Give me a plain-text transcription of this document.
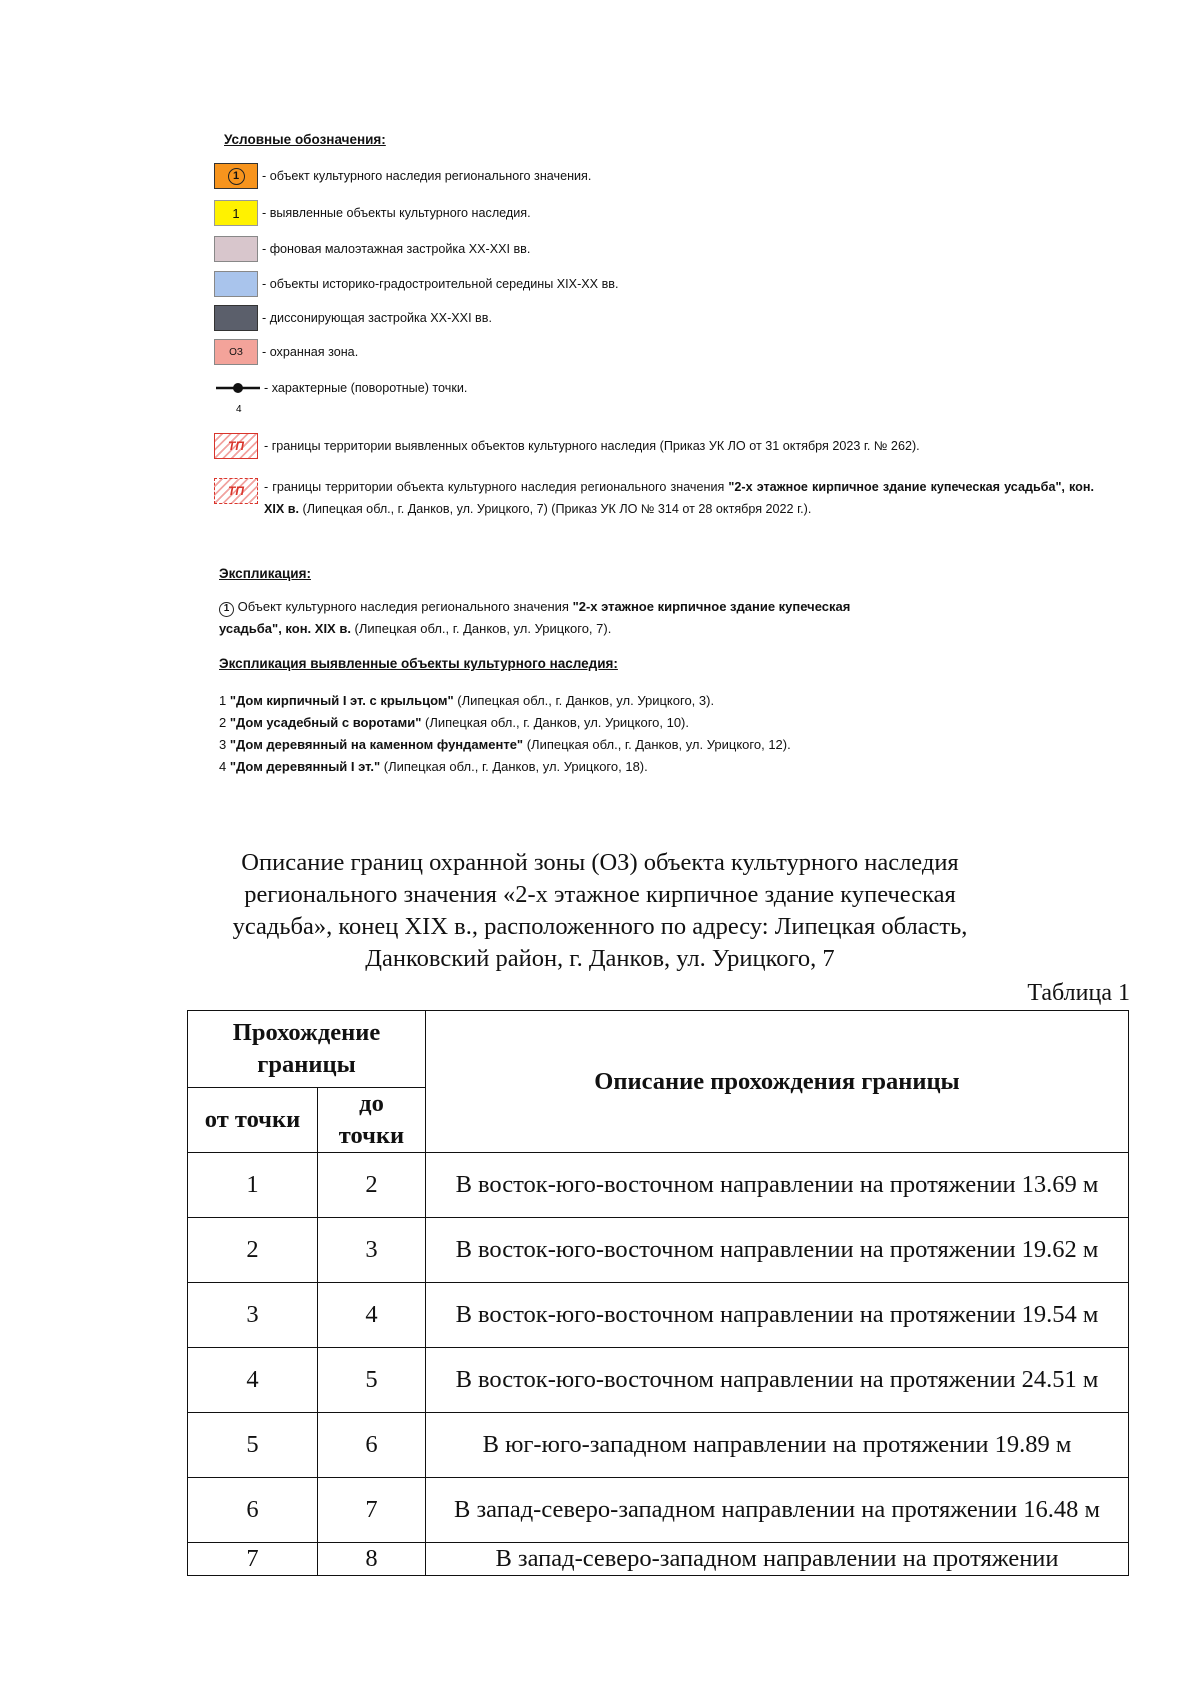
Условные обозначения:
1	- объект культурного наследия регионального значения.
1	- выявленные объекты культурного наследия.
- фоновая малоэтажная застройка XX-XXI вв.
- объекты историко-градостроительной середины XIX-XX вв.
- диссонирующая застройка XX-XXI вв.
ОЗ	- охранная зона.
4
- характерные (поворотные) точки.
ТП	- границы территории выявленных объектов культурного наследия (Приказ УК ЛО от 31 октября 2023 г. № 262).
ТП	- границы территории объекта культурного наследия регионального значения "2-х этажное кирпичное здание купеческая усадьба", кон. XIX в. (Липецкая обл., г. Данков, ул. Урицкого, 7) (Приказ УК ЛО № 314 от 28 октября 2022 г.).
Экспликация:
1 Объект культурного наследия регионального значения "2-х этажное кирпичное здание купеческая усадьба", кон. XIX в. (Липецкая обл., г. Данков, ул. Урицкого, 7).
Экспликация выявленные объекты культурного наследия:
1 "Дом кирпичный I эт. с крыльцом" (Липецкая обл., г. Данков, ул. Урицкого, 3).
2 "Дом усадебный с воротами" (Липецкая обл., г. Данков, ул. Урицкого, 10).
3 "Дом деревянный на каменном фундаменте" (Липецкая обл., г. Данков, ул. Урицкого, 12).
4 "Дом деревянный I эт." (Липецкая обл., г. Данков, ул. Урицкого, 18).
Описание границ охранной зоны (ОЗ) объекта культурного наследия регионального значения «2-х этажное кирпичное здание купеческая усадьба», конец XIX в., расположенного по адресу: Липецкая область, Данковский район, г. Данков, ул. Урицкого, 7
Таблица 1
Прохождение границы		Описание прохождения границы
от точки	до точки	
1	2	В восток-юго-восточном направлении на протяжении 13.69 м
2	3	В восток-юго-восточном направлении на протяжении 19.62 м
3	4	В восток-юго-восточном направлении на протяжении 19.54 м
4	5	В восток-юго-восточном направлении на протяжении 24.51 м
5	6	В юг-юго-западном направлении на протяжении 19.89 м
6	7	В запад-северо-западном направлении на протяжении 16.48 м
7	8	В запад-северо-западном направлении на протяжении
